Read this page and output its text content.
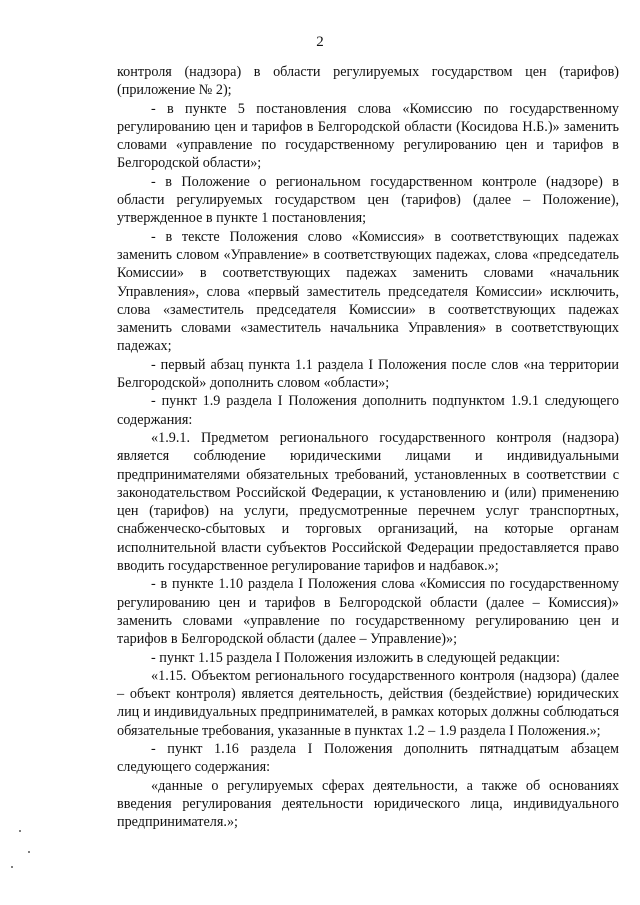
2

контроля (надзора) в области регулируемых государством цен (тарифов) (приложение № 2);

- в пункте 5 постановления слова «Комиссию по государственному регулированию цен и тарифов в Белгородской области (Косидова Н.Б.)» заменить словами «управление по государственному регулированию цен и тарифов в Белгородской области»;

- в Положение о региональном государственном контроле (надзоре) в области регулируемых государством цен (тарифов) (далее – Положение), утвержденное в пункте 1 постановления;

- в тексте Положения слово «Комиссия» в соответствующих падежах заменить словом «Управление» в соответствующих падежах, слова «председатель Комиссии» в соответствующих падежах заменить словами «начальник Управления», слова «первый заместитель председателя Комиссии» исключить, слова «заместитель председателя Комиссии» в соответствующих падежах заменить словами «заместитель начальника Управления» в соответствующих падежах;

- первый абзац пункта 1.1 раздела I Положения после слов «на территории Белгородской» дополнить словом «области»;

- пункт 1.9 раздела I Положения дополнить подпунктом 1.9.1 следующего содержания:

«1.9.1. Предметом регионального государственного контроля (надзора) является соблюдение юридическими лицами и индивидуальными предпринимателями обязательных требований, установленных в соответствии с законодательством Российской Федерации, к установлению и (или) применению цен (тарифов) на услуги, предусмотренные перечнем услуг транспортных, снабженческо-сбытовых и торговых организаций, на которые органам исполнительной власти субъектов Российской Федерации предоставляется право вводить государственное регулирование тарифов и надбавок.»;

- в пункте 1.10 раздела I Положения слова «Комиссия по государственному регулированию цен и тарифов в Белгородской области (далее – Комиссия)» заменить словами «управление по государственному регулированию цен и тарифов в Белгородской области (далее – Управление)»;

- пункт 1.15 раздела I Положения изложить в следующей редакции:

«1.15. Объектом регионального государственного контроля (надзора) (далее – объект контроля) является деятельность, действия (бездействие) юридических лиц и индивидуальных предпринимателей, в рамках которых должны соблюдаться обязательные требования, указанные в пунктах 1.2 – 1.9 раздела I Положения.»;

- пункт 1.16 раздела I Положения дополнить пятнадцатым абзацем следующего содержания:

«данные о регулируемых сферах деятельности, а также об основаниях введения регулирования деятельности юридического лица, индивидуального предпринимателя.»;
